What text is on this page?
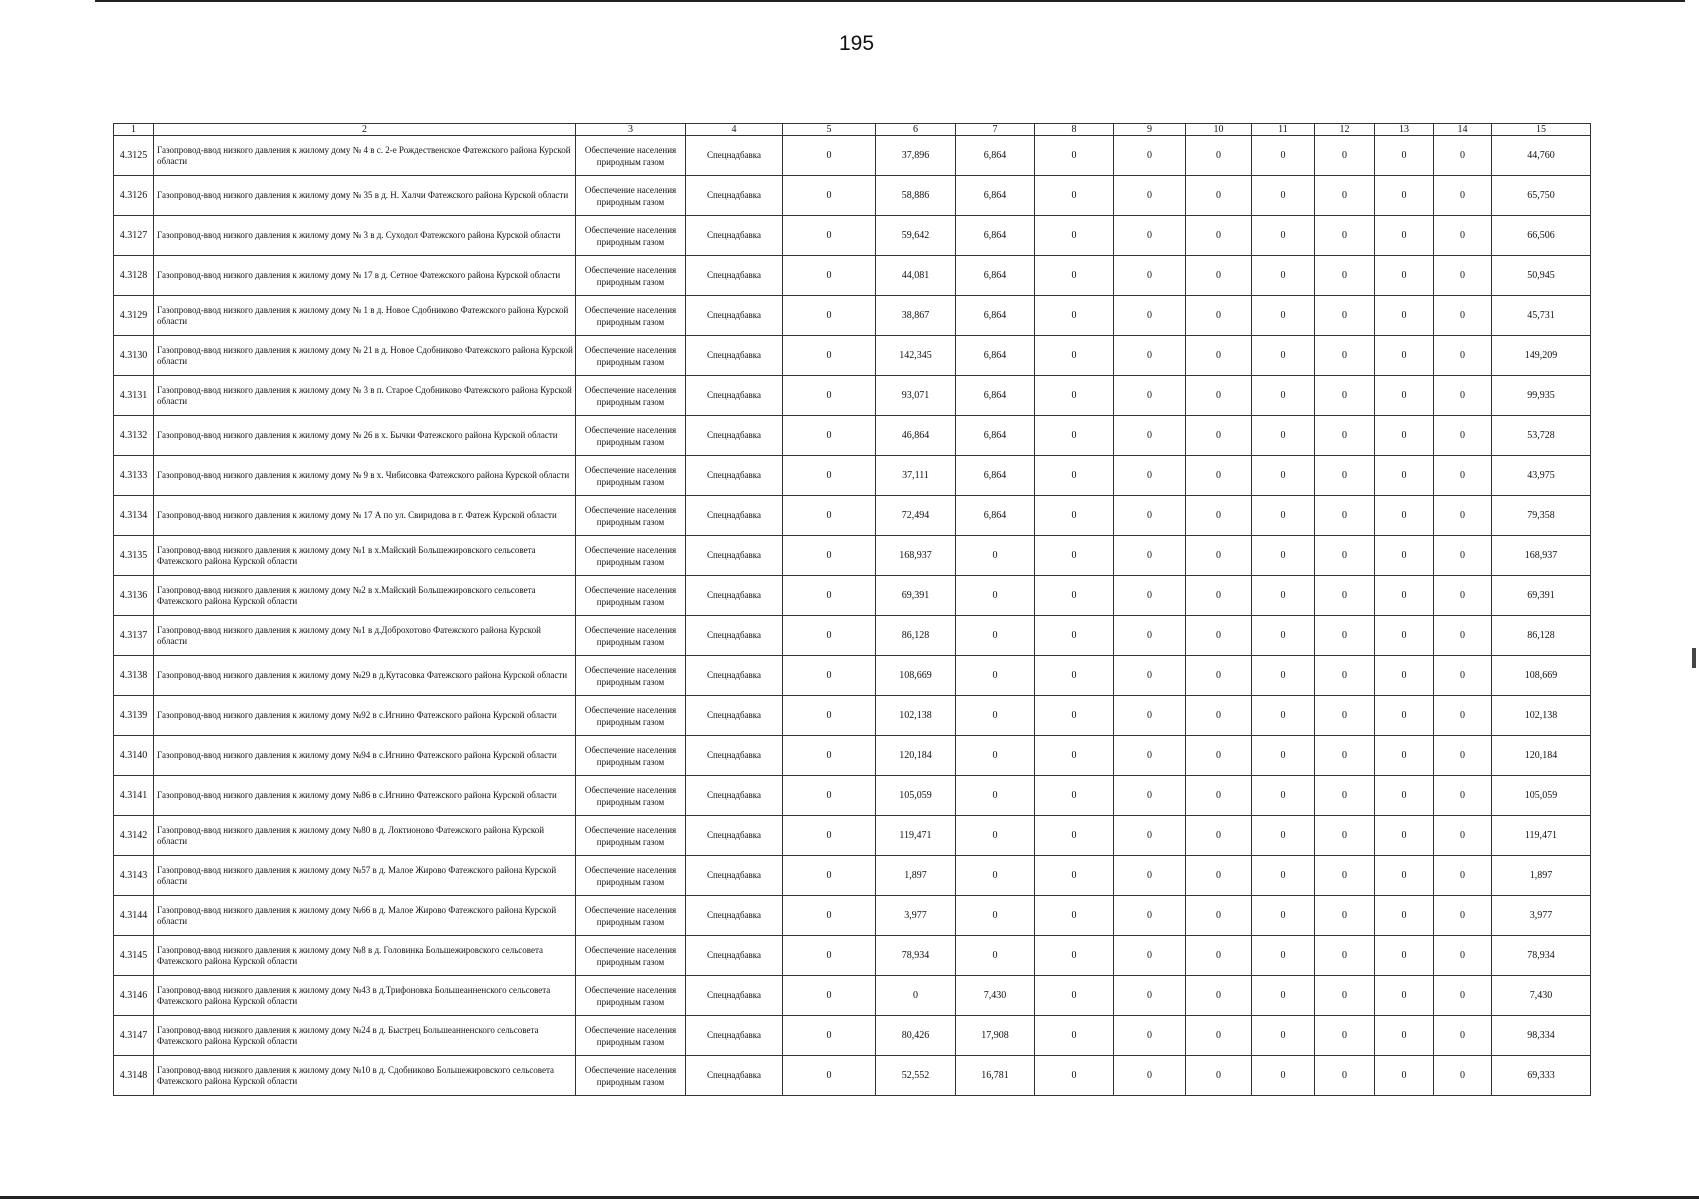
195
1	2	3	4	5	6	7	8	9	10	11	12	13	14	15
4.3125	Газопровод-ввод низкого давления к жилому дому № 4 в с. 2-е Рождественское Фатежского района Курской области	Обеспечение населения природным газом	Спецнадбавка	0	37,896	6,864	0	0	0	0	0	0	0	44,760
4.3126	Газопровод-ввод низкого давления к жилому дому № 35 в д. Н. Халчи Фатежского района Курской области	Обеспечение населения природным газом	Спецнадбавка	0	58,886	6,864	0	0	0	0	0	0	0	65,750
4.3127	Газопровод-ввод низкого давления к жилому дому № 3 в д. Суходол Фатежского района Курской области	Обеспечение населения природным газом	Спецнадбавка	0	59,642	6,864	0	0	0	0	0	0	0	66,506
4.3128	Газопровод-ввод низкого давления к жилому дому № 17 в д. Сетное Фатежского района Курской области	Обеспечение населения природным газом	Спецнадбавка	0	44,081	6,864	0	0	0	0	0	0	0	50,945
4.3129	Газопровод-ввод низкого давления к жилому дому № 1 в д. Новое Сдобниково Фатежского района Курской области	Обеспечение населения природным газом	Спецнадбавка	0	38,867	6,864	0	0	0	0	0	0	0	45,731
4.3130	Газопровод-ввод низкого давления к жилому дому № 21 в д. Новое Сдобниково Фатежского района Курской области	Обеспечение населения природным газом	Спецнадбавка	0	142,345	6,864	0	0	0	0	0	0	0	149,209
4.3131	Газопровод-ввод низкого давления к жилому дому № 3 в п. Старое Сдобниково Фатежского района Курской области	Обеспечение населения природным газом	Спецнадбавка	0	93,071	6,864	0	0	0	0	0	0	0	99,935
4.3132	Газопровод-ввод низкого давления к жилому дому № 26 в х. Бычки Фатежского района Курской области	Обеспечение населения природным газом	Спецнадбавка	0	46,864	6,864	0	0	0	0	0	0	0	53,728
4.3133	Газопровод-ввод низкого давления к жилому дому № 9 в х. Чибисовка Фатежского района Курской области	Обеспечение населения природным газом	Спецнадбавка	0	37,111	6,864	0	0	0	0	0	0	0	43,975
4.3134	Газопровод-ввод низкого давления к жилому дому № 17 А по ул. Свиридова в г. Фатеж Курской области	Обеспечение населения природным газом	Спецнадбавка	0	72,494	6,864	0	0	0	0	0	0	0	79,358
4.3135	Газопровод-ввод низкого давления к жилому дому №1 в х.Майский Большежировского сельсовета Фатежского района Курской области	Обеспечение населения природным газом	Спецнадбавка	0	168,937	0	0	0	0	0	0	0	0	168,937
4.3136	Газопровод-ввод низкого давления к жилому дому №2 в х.Майский Большежировского сельсовета Фатежского района Курской области	Обеспечение населения природным газом	Спецнадбавка	0	69,391	0	0	0	0	0	0	0	0	69,391
4.3137	Газопровод-ввод низкого давления к жилому дому №1 в д.Доброхотово Фатежского района Курской области	Обеспечение населения природным газом	Спецнадбавка	0	86,128	0	0	0	0	0	0	0	0	86,128
4.3138	Газопровод-ввод низкого давления к жилому дому №29 в д.Кутасовка Фатежского района Курской области	Обеспечение населения природным газом	Спецнадбавка	0	108,669	0	0	0	0	0	0	0	0	108,669
4.3139	Газопровод-ввод низкого давления к жилому дому №92 в с.Игнино Фатежского района Курской области	Обеспечение населения природным газом	Спецнадбавка	0	102,138	0	0	0	0	0	0	0	0	102,138
4.3140	Газопровод-ввод низкого давления к жилому дому №94 в с.Игнино Фатежского района Курской области	Обеспечение населения природным газом	Спецнадбавка	0	120,184	0	0	0	0	0	0	0	0	120,184
4.3141	Газопровод-ввод низкого давления к жилому дому №86 в с.Игнино Фатежского района Курской области	Обеспечение населения природным газом	Спецнадбавка	0	105,059	0	0	0	0	0	0	0	0	105,059
4.3142	Газопровод-ввод низкого давления к жилому дому №80 в д. Локтионово Фатежского района Курской области	Обеспечение населения природным газом	Спецнадбавка	0	119,471	0	0	0	0	0	0	0	0	119,471
4.3143	Газопровод-ввод низкого давления к жилому дому №57 в д. Малое Жирово Фатежского района Курской области	Обеспечение населения природным газом	Спецнадбавка	0	1,897	0	0	0	0	0	0	0	0	1,897
4.3144	Газопровод-ввод низкого давления к жилому дому №66 в д. Малое Жирово Фатежского района Курской области	Обеспечение населения природным газом	Спецнадбавка	0	3,977	0	0	0	0	0	0	0	0	3,977
4.3145	Газопровод-ввод низкого давления к жилому дому №8 в д. Головинка Большежировского сельсовета Фатежского района Курской области	Обеспечение населения природным газом	Спецнадбавка	0	78,934	0	0	0	0	0	0	0	0	78,934
4.3146	Газопровод-ввод низкого давления к жилому дому №43 в д.Трифоновка Большеанненского сельсовета Фатежского района Курской области	Обеспечение населения природным газом	Спецнадбавка	0	0	7,430	0	0	0	0	0	0	0	7,430
4.3147	Газопровод-ввод низкого давления к жилому дому №24 в д. Быстрец Большеанненского сельсовета Фатежского района Курской области	Обеспечение населения природным газом	Спецнадбавка	0	80,426	17,908	0	0	0	0	0	0	0	98,334
4.3148	Газопровод-ввод низкого давления к жилому дому №10 в д. Сдобниково Большежировского сельсовета Фатежского района Курской области	Обеспечение населения природным газом	Спецнадбавка	0	52,552	16,781	0	0	0	0	0	0	0	69,333
